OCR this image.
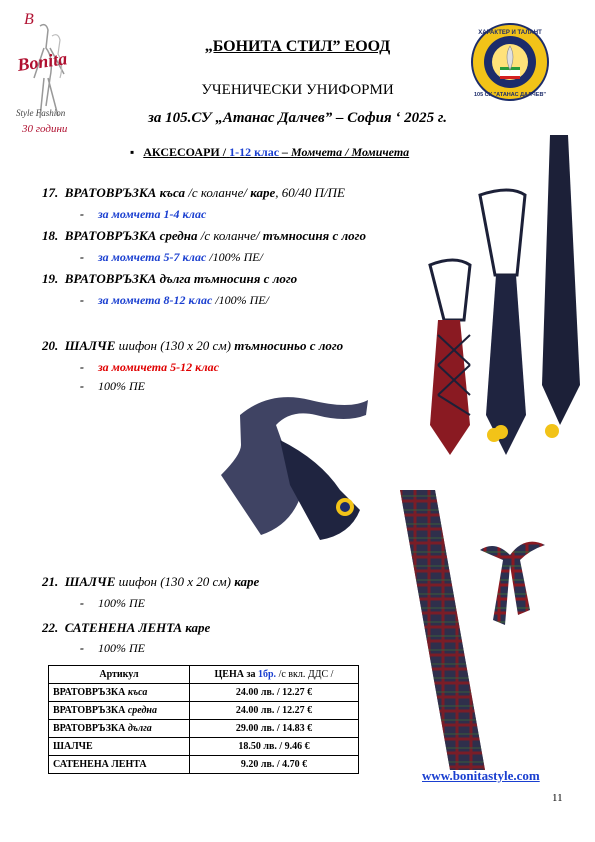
B
Bonita
Style Fashion
30 години
ХАРАКТЕР И ТАЛАНТ
105 СУ "АТАНАС ДАЛЧЕВ"
„БОНИТА СТИЛ” ЕООД
УЧЕНИЧЕСКИ УНИФОРМИ
за 105.СУ „Атанас Далчев” – София ‘ 2025 г.
▪ АКСЕСОАРИ / 1-12 клас – Момчета / Момичета
17. ВРАТОВРЪЗКА къса /с коланче/ каре, 60/40 П/ПЕ
- за момчета 1-4 клас
18. ВРАТОВРЪЗКА средна /с коланче/ тъмносиня с лого
- за момчета 5-7 клас /100% ПЕ/
19. ВРАТОВРЪЗКА дълга тъмносиня с лого
- за момчета 8-12 клас /100% ПЕ/
20. ШАЛЧЕ шифон (130 х 20 см) тъмносиньо с лого
- за момичета 5-12 клас
- 100% ПЕ
21. ШАЛЧЕ шифон (130 х 20 см) каре
- 100% ПЕ
22. САТЕНЕНА ЛЕНТА каре
- 100% ПЕ
Артикул	ЦЕНА за 1бр. /с вкл. ДДС /
ВРАТОВРЪЗКА къса	24.00 лв. / 12.27 €
ВРАТОВРЪЗКА средна	24.00 лв. / 12.27 €
ВРАТОВРЪЗКА дълга	29.00 лв. / 14.83 €
ШАЛЧЕ	18.50 лв. / 9.46 €
САТЕНЕНА ЛЕНТА	9.20 лв. / 4.70 €
www.bonitastyle.com
11
